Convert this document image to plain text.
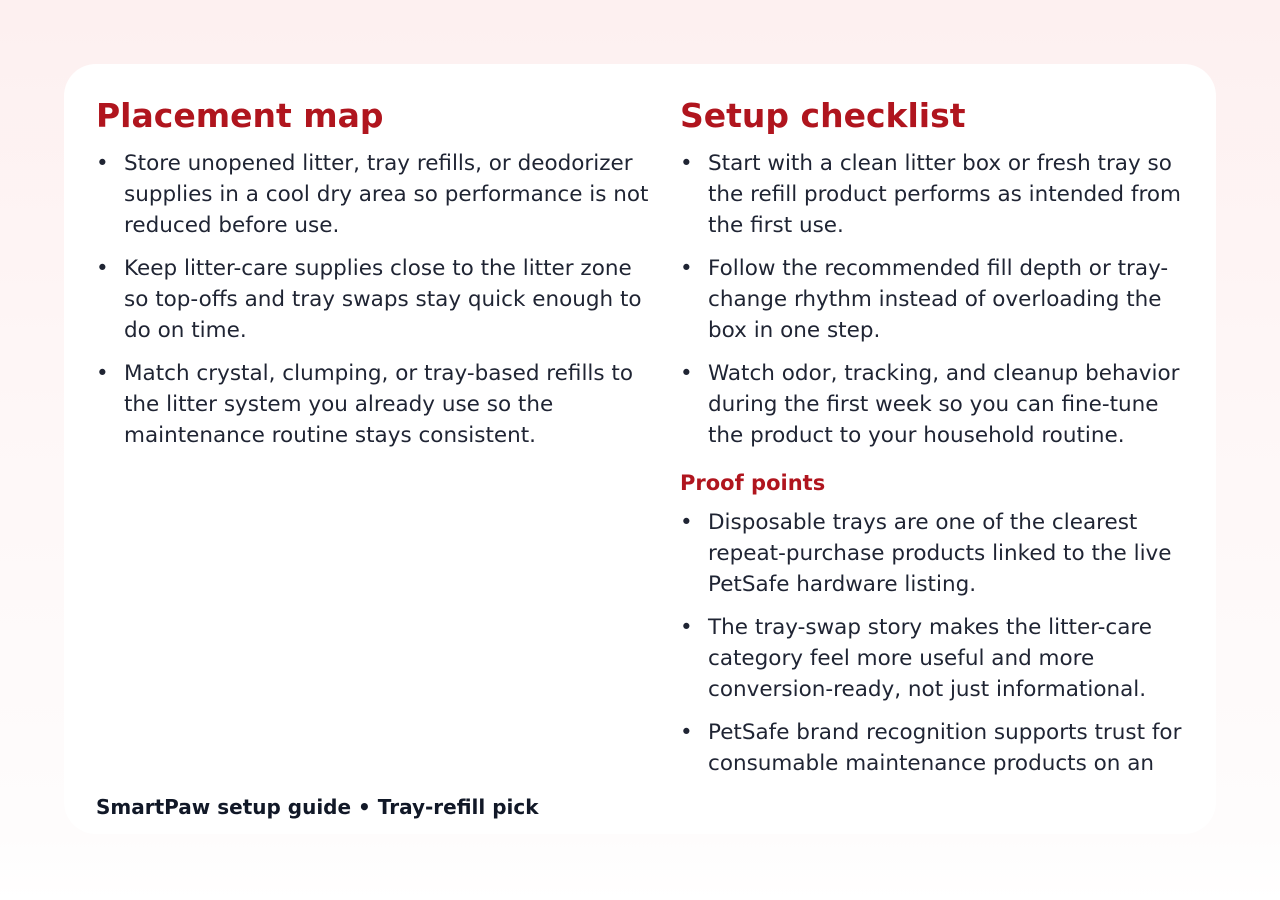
Placement map
• Store unopened litter, tray refills, or deodorizer supplies in a cool dry area so performance is not reduced before use.
• Keep litter-care supplies close to the litter zone so top-offs and tray swaps stay quick enough to do on time.
• Match crystal, clumping, or tray-based refills to the litter system you already use so the maintenance routine stays consistent.
Setup checklist
• Start with a clean litter box or fresh tray so the refill product performs as intended from the first use.
• Follow the recommended fill depth or tray-change rhythm instead of overloading the box in one step.
• Watch odor, tracking, and cleanup behavior during the first week so you can fine-tune the product to your household routine.
Proof points
• Disposable trays are one of the clearest repeat-purchase products linked to the live PetSafe hardware listing.
• The tray-swap story makes the litter-care category feel more useful and more conversion-ready, not just informational.
• PetSafe brand recognition supports trust for consumable maintenance products on an
SmartPaw setup guide • Tray-refill pick
